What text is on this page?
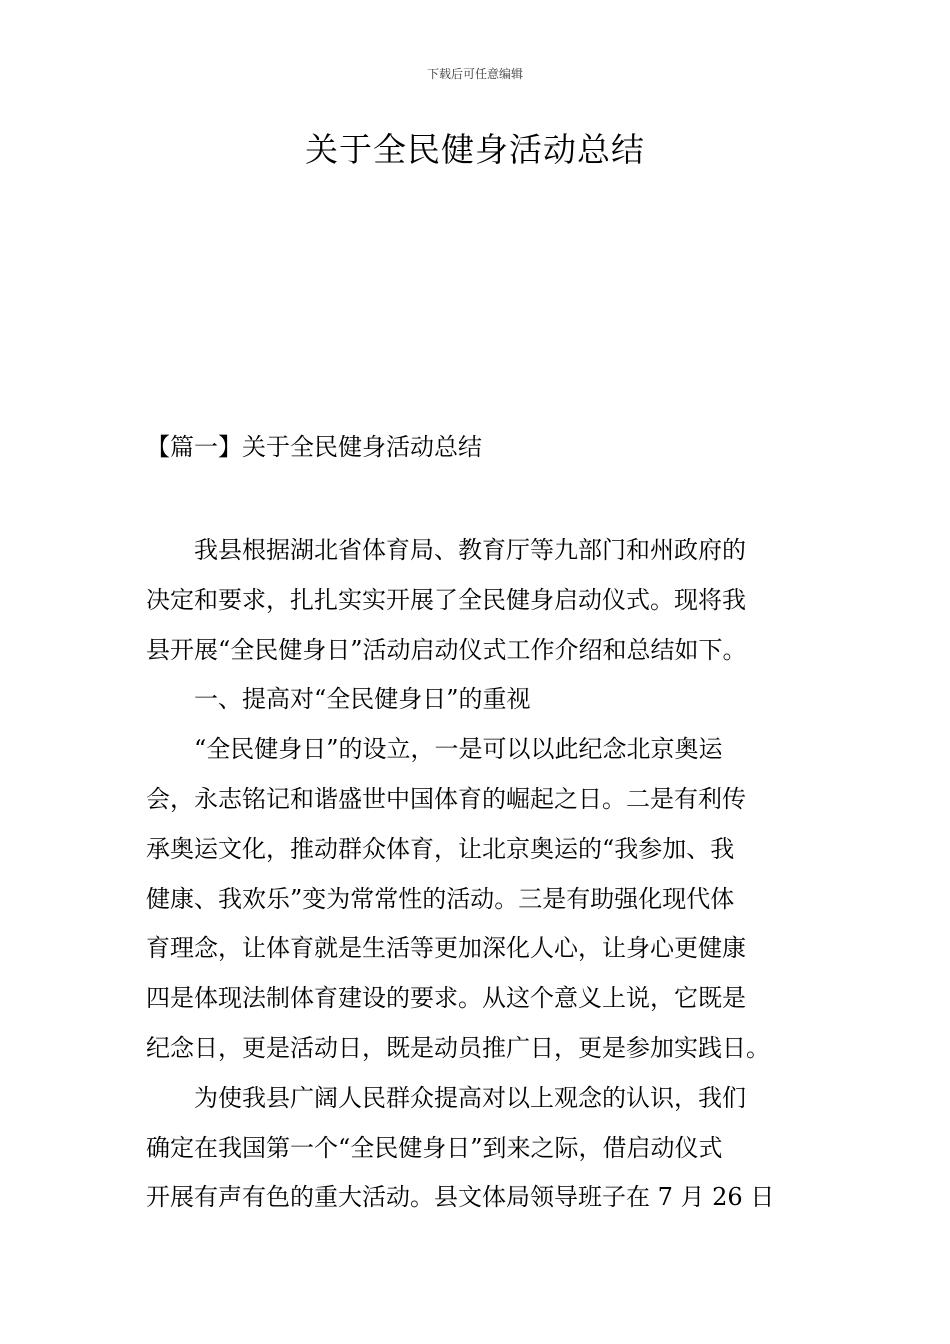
下载后可任意编辑
关于全民健身活动总结
【篇一】关于全民健身活动总结

　　我县根据湖北省体育局、教育厅等九部门和州政府的

决定和要求，扎扎实实开展了全民健身启动仪式。现将我

县开展“全民健身日”活动启动仪式工作介绍和总结如下。

　　一、提高对“全民健身日”的重视

　　“全民健身日”的设立，一是可以以此纪念北京奥运

会，永志铭记和谐盛世中国体育的崛起之日。二是有利传

承奥运文化，推动群众体育，让北京奥运的“我参加、我

健康、我欢乐”变为常常性的活动。三是有助强化现代体

育理念，让体育就是生活等更加深化人心，让身心更健康

四是体现法制体育建设的要求。从这个意义上说，它既是

纪念日，更是活动日，既是动员推广日，更是参加实践日。

　　为使我县广阔人民群众提高对以上观念的认识，我们

确定在我国第一个“全民健身日”到来之际，借启动仪式

开展有声有色的重大活动。县文体局领导班子在 7 月 26 日
